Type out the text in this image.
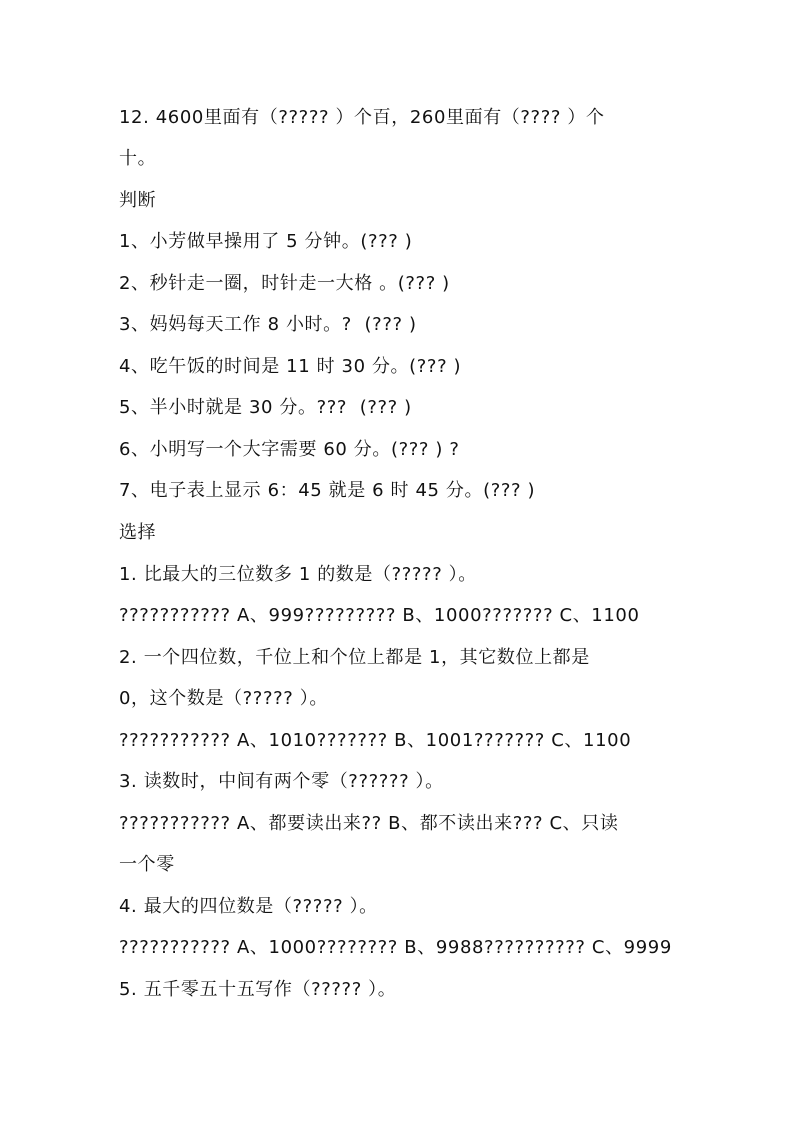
12. 4600里面有（????? ）个百，260里面有（???? ）个
十。
判断
1、小芳做早操用了 5 分钟。(??? )
2、秒针走一圈，时针走一大格 。(??? )
3、妈妈每天工作 8 小时。?  (??? )
4、吃午饭的时间是 11 时 30 分。(??? )
5、半小时就是 30 分。???  (??? )
6、小明写一个大字需要 60 分。(??? ) ?
7、电子表上显示 6：45 就是 6 时 45 分。(??? )
选择
1. 比最大的三位数多 1 的数是（????? ）。
??????????? A、999????????? B、1000??????? C、1100
2. 一个四位数，千位上和个位上都是 1，其它数位上都是
0，这个数是（????? ）。
??????????? A、1010??????? B、1001??????? C、1100
3. 读数时，中间有两个零（?????? ）。
??????????? A、都要读出来?? B、都不读出来??? C、只读
一个零
4. 最大的四位数是（????? ）。
??????????? A、1000???????? B、9988?????????? C、9999
5. 五千零五十五写作（????? ）。
